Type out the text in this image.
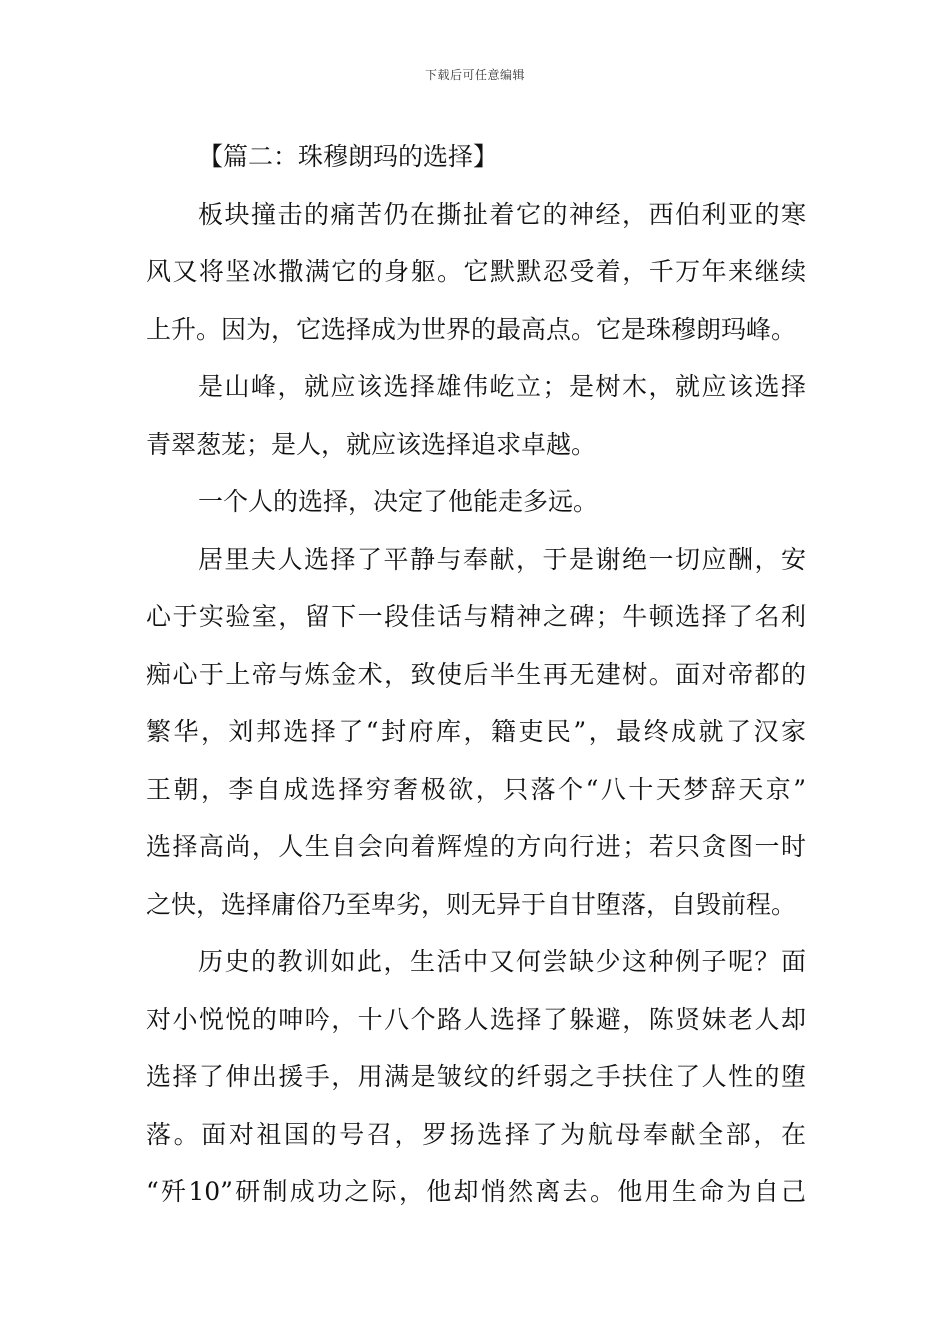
下载后可任意编辑
【篇二：珠穆朗玛的选择】
板块撞击的痛苦仍在撕扯着它的神经，西伯利亚的寒
风又将坚冰撒满它的身躯。它默默忍受着，千万年来继续
上升。因为，它选择成为世界的最高点。它是珠穆朗玛峰。
是山峰，就应该选择雄伟屹立；是树木，就应该选择
青翠葱茏；是人，就应该选择追求卓越。
一个人的选择，决定了他能走多远。
居里夫人选择了平静与奉献，于是谢绝一切应酬，安
心于实验室，留下一段佳话与精神之碑；牛顿选择了名利
痴心于上帝与炼金术，致使后半生再无建树。面对帝都的
繁华，刘邦选择了“封府库，籍吏民”，最终成就了汉家
王朝，李自成选择穷奢极欲，只落个“八十天梦辞天京”
选择高尚，人生自会向着辉煌的方向行进；若只贪图一时
之快，选择庸俗乃至卑劣，则无异于自甘堕落，自毁前程。
历史的教训如此，生活中又何尝缺少这种例子呢？面
对小悦悦的呻吟，十八个路人选择了躲避，陈贤妹老人却
选择了伸出援手，用满是皱纹的纤弱之手扶住了人性的堕
落。面对祖国的号召，罗扬选择了为航母奉献全部，在
“歼10”研制成功之际，他却悄然离去。他用生命为自己
